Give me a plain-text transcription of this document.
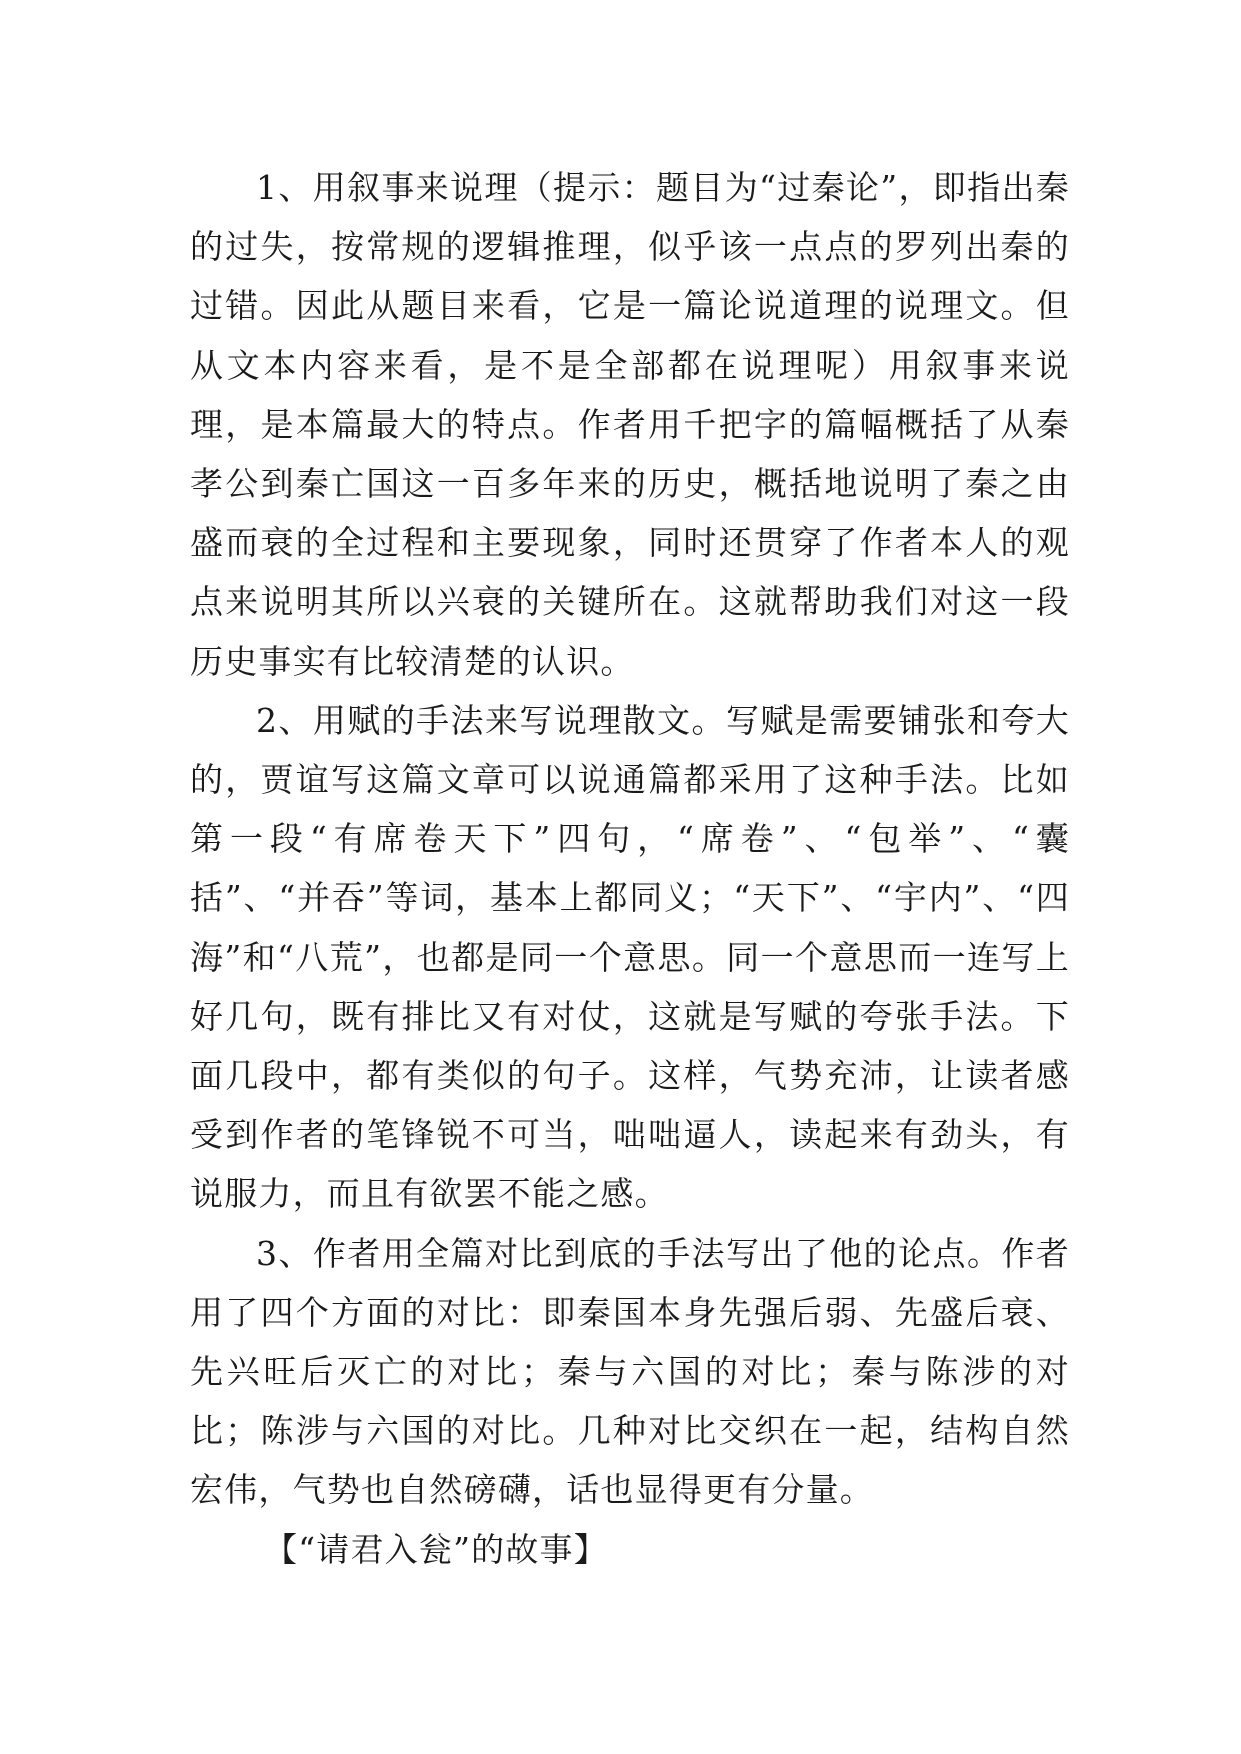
1、用叙事来说理（提示：题目为“过秦论”，即指出秦的过失，按常规的逻辑推理，似乎该一点点的罗列出秦的过错。因此从题目来看，它是一篇论说道理的说理文。但从文本内容来看，是不是全部都在说理呢）用叙事来说理，是本篇最大的特点。作者用千把字的篇幅概括了从秦孝公到秦亡国这一百多年来的历史，概括地说明了秦之由盛而衰的全过程和主要现象，同时还贯穿了作者本人的观点来说明其所以兴衰的关键所在。这就帮助我们对这一段历史事实有比较清楚的认识。

2、用赋的手法来写说理散文。写赋是需要铺张和夸大的，贾谊写这篇文章可以说通篇都采用了这种手法。比如第一段“有席卷天下”四句，“席卷”、“包举”、“囊括”、“并吞”等词，基本上都同义；“天下”、“宇内”、“四海”和“八荒”，也都是同一个意思。同一个意思而一连写上好几句，既有排比又有对仗，这就是写赋的夸张手法。下面几段中，都有类似的句子。这样，气势充沛，让读者感受到作者的笔锋锐不可当，咄咄逼人，读起来有劲头，有说服力，而且有欲罢不能之感。

3、作者用全篇对比到底的手法写出了他的论点。作者用了四个方面的对比：即秦国本身先强后弱、先盛后衰、先兴旺后灭亡的对比；秦与六国的对比；秦与陈涉的对比；陈涉与六国的对比。几种对比交织在一起，结构自然宏伟，气势也自然磅礴，话也显得更有分量。

【“请君入瓮”的故事】
